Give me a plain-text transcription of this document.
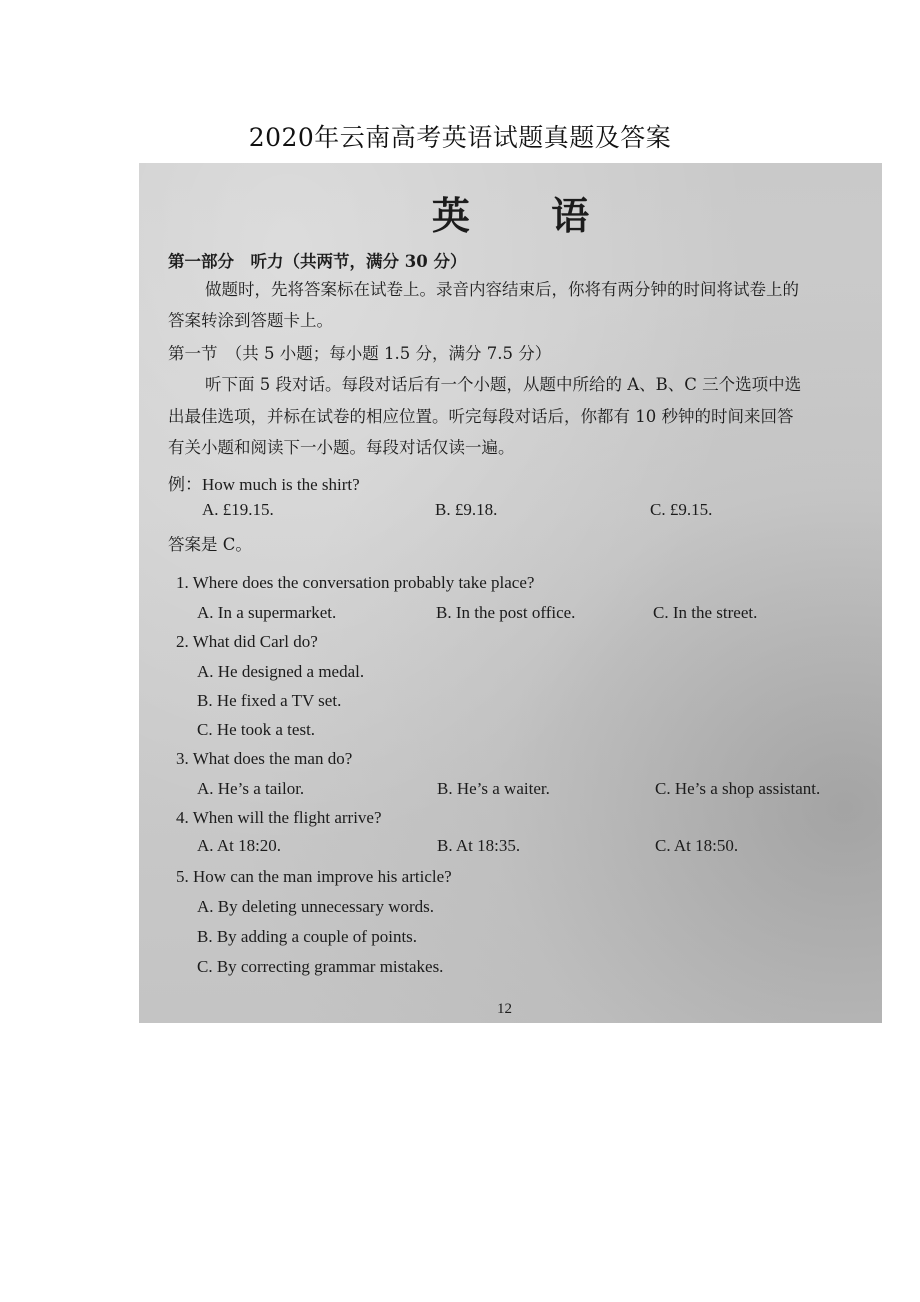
2020年云南高考英语试题真题及答案
英 语
第一部分　听力（共两节，满分 30 分）
做题时，先将答案标在试卷上。录音内容结束后，你将有两分钟的时间将试卷上的
答案转涂到答题卡上。
第一节　（共 5 小题；每小题 1.5 分，满分 7.5 分）
听下面 5 段对话。每段对话后有一个小题，从题中所给的 A、B、C 三个选项中选
出最佳选项，并标在试卷的相应位置。听完每段对话后，你都有 10 秒钟的时间来回答
有关小题和阅读下一小题。每段对话仅读一遍。
例：How much is the shirt?
A. £19.15.	B. £9.18.	C. £9.15.
答案是 C。
1. Where does the conversation probably take place?
A. In a supermarket.	B. In the post office.	C. In the street.
2. What did Carl do?
A. He designed a medal.
B. He fixed a TV set.
C. He took a test.
3. What does the man do?
A. He’s a tailor.	B. He’s a waiter.	C. He’s a shop assistant.
4. When will the flight arrive?
A. At 18:20.	B. At 18:35.	C. At 18:50.
5. How can the man improve his article?
A. By deleting unnecessary words.
B. By adding a couple of points.
C. By correcting grammar mistakes.
12
